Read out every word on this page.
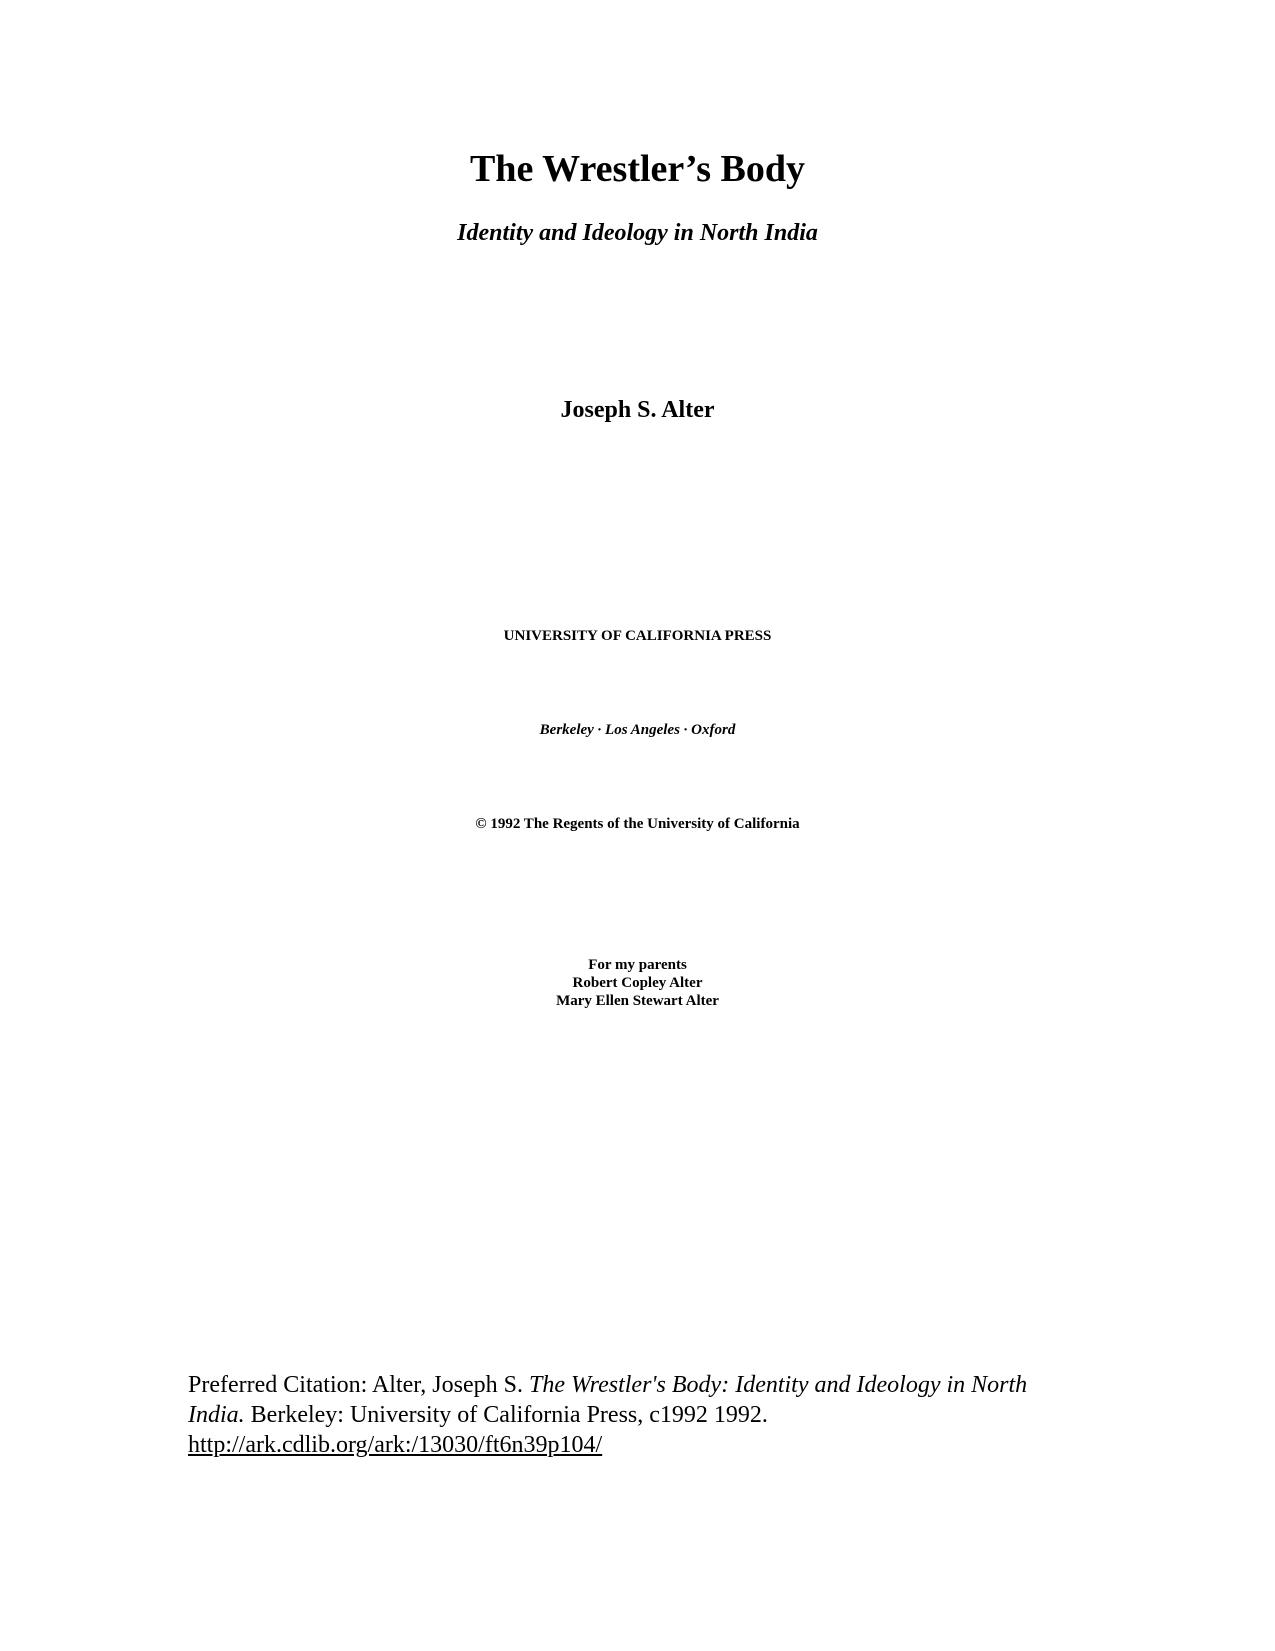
The Wrestler’s Body
Identity and Ideology in North India
Joseph S. Alter
UNIVERSITY OF CALIFORNIA PRESS
Berkeley · Los Angeles · Oxford
© 1992 The Regents of the University of California
For my parents
Robert Copley Alter
Mary Ellen Stewart Alter
Preferred Citation: Alter, Joseph S. The Wrestler's Body: Identity and Ideology in North India. Berkeley: University of California Press, c1992 1992.
http://ark.cdlib.org/ark:/13030/ft6n39p104/
